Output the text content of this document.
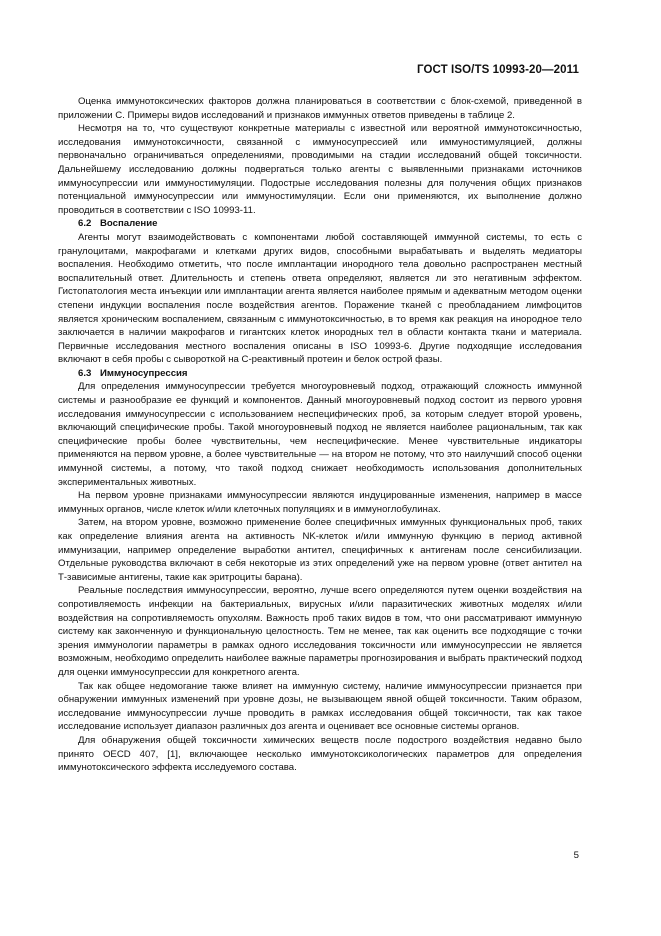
ГОСТ ISO/TS 10993-20—2011

Оценка иммунотоксических факторов должна планироваться в соответствии с блок-схемой, приведенной в приложении С. Примеры видов исследований и признаков иммунных ответов приведены в таблице 2.

Несмотря на то, что существуют конкретные материалы с известной или вероятной иммунотоксичностью, исследования иммунотоксичности, связанной с иммуносупрессией или иммуностимуляцией, должны первоначально ограничиваться определениями, проводимыми на стадии исследований общей токсичности. Дальнейшему исследованию должны подвергаться только агенты с выявленными признаками источников иммуносупрессии или иммуностимуляции. Подострые исследования полезны для получения общих признаков потенциальной иммуносупрессии или иммуностимуляции. Если они применяются, их выполнение должно проводиться в соответствии с ISO 10993-11.

6.2 Воспаление

Агенты могут взаимодействовать с компонентами любой составляющей иммунной системы, то есть с гранулоцитами, макрофагами и клетками других видов, способными вырабатывать и выделять медиаторы воспаления. Необходимо отметить, что после имплантации инородного тела довольно распространен местный воспалительный ответ. Длительность и степень ответа определяют, является ли это негативным эффектом. Гистопатология места инъекции или имплантации агента является наиболее прямым и адекватным методом оценки степени индукции воспаления после воздействия агентов. Поражение тканей с преобладанием лимфоцитов является хроническим воспалением, связанным с иммунотоксичностью, в то время как реакция на инородное тело заключается в наличии макрофагов и гигантских клеток инородных тел в области контакта ткани и материала. Первичные исследования местного воспаления описаны в ISO 10993-6. Другие подходящие исследования включают в себя пробы с сывороткой на С-реактивный протеин и белок острой фазы.

6.3 Иммуносупрессия

Для определения иммуносупрессии требуется многоуровневый подход, отражающий сложность иммунной системы и разнообразие ее функций и компонентов. Данный многоуровневый подход состоит из первого уровня исследования иммуносупрессии с использованием неспецифических проб, за которым следует второй уровень, включающий специфические пробы. Такой многоуровневый подход не является наиболее рациональным, так как специфические пробы более чувствительны, чем неспецифические. Менее чувствительные индикаторы применяются на первом уровне, а более чувствительные — на втором не потому, что это наилучший способ оценки иммунной системы, а потому, что такой подход снижает необходимость использования дополнительных экспериментальных животных.

На первом уровне признаками иммуносупрессии являются индуцированные изменения, например в массе иммунных органов, числе клеток и/или клеточных популяциях и в иммуноглобулинах.

Затем, на втором уровне, возможно применение более специфичных иммунных функциональных проб, таких как определение влияния агента на активность NK-клеток и/или иммунную функцию в период активной иммунизации, например определение выработки антител, специфичных к антигенам после сенсибилизации. Отдельные руководства включают в себя некоторые из этих определений уже на первом уровне (ответ антител на Т-зависимые антигены, такие как эритроциты барана).

Реальные последствия иммуносупрессии, вероятно, лучше всего определяются путем оценки воздействия на сопротивляемость инфекции на бактериальных, вирусных и/или паразитических животных моделях и/или воздействия на сопротивляемость опухолям. Важность проб таких видов в том, что они рассматривают иммунную систему как законченную и функциональную целостность. Тем не менее, так как оценить все подходящие с точки зрения иммунологии параметры в рамках одного исследования токсичности или иммуносупрессии не является возможным, необходимо определить наиболее важные параметры прогнозирования и выбрать практический подход для оценки иммуносупрессии для конкретного агента.

Так как общее недомогание также влияет на иммунную систему, наличие иммуносупрессии признается при обнаружении иммунных изменений при уровне дозы, не вызывающем явной общей токсичности. Таким образом, исследование иммуносупрессии лучше проводить в рамках исследования общей токсичности, так как такое исследование использует диапазон различных доз агента и оценивает все основные системы органов.

Для обнаружения общей токсичности химических веществ после подострого воздействия недавно было принято OECD 407, [1], включающее несколько иммунотоксикологических параметров для определения иммунотоксического эффекта исследуемого состава.

5
